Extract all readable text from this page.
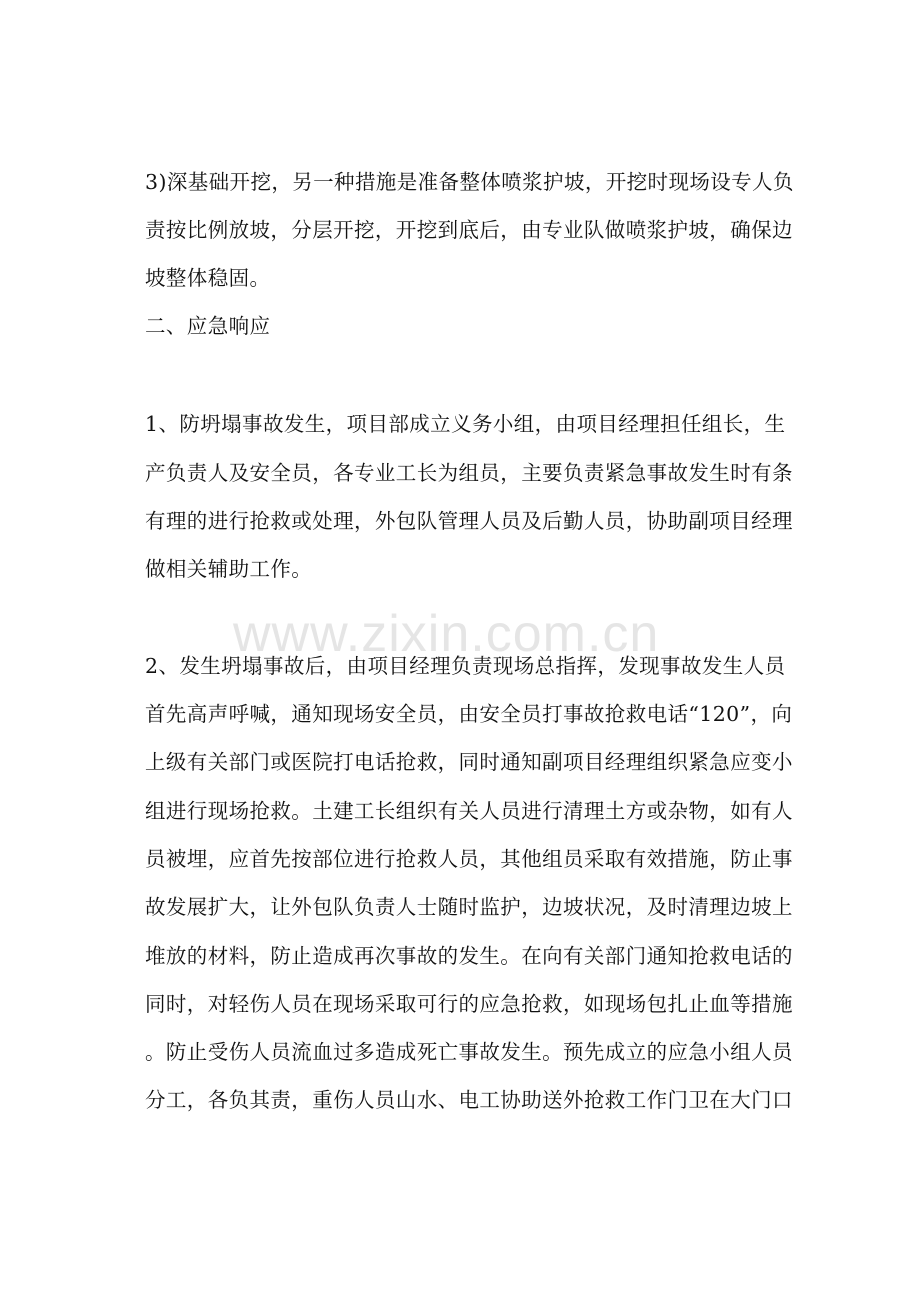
3)深基础开挖，另一种措施是准备整体喷浆护坡，开挖时现场设专人负
责按比例放坡，分层开挖，开挖到底后，由专业队做喷浆护坡，确保边
坡整体稳固。
二、应急响应
1、防坍塌事故发生，项目部成立义务小组，由项目经理担任组长，生
产负责人及安全员，各专业工长为组员，主要负责紧急事故发生时有条
有理的进行抢救或处理，外包队管理人员及后勤人员，协助副项目经理
做相关辅助工作。
2、发生坍塌事故后，由项目经理负责现场总指挥，发现事故发生人员
首先高声呼喊，通知现场安全员，由安全员打事故抢救电话“120”，向
上级有关部门或医院打电话抢救，同时通知副项目经理组织紧急应变小
组进行现场抢救。土建工长组织有关人员进行清理土方或杂物，如有人
员被埋，应首先按部位进行抢救人员，其他组员采取有效措施，防止事
故发展扩大，让外包队负责人士随时监护，边坡状况，及时清理边坡上
堆放的材料，防止造成再次事故的发生。在向有关部门通知抢救电话的
同时，对轻伤人员在现场采取可行的应急抢救，如现场包扎止血等措施
。防止受伤人员流血过多造成死亡事故发生。预先成立的应急小组人员
分工，各负其责，重伤人员山水、电工协助送外抢救工作门卫在大门口
www.zixin.com.cn
